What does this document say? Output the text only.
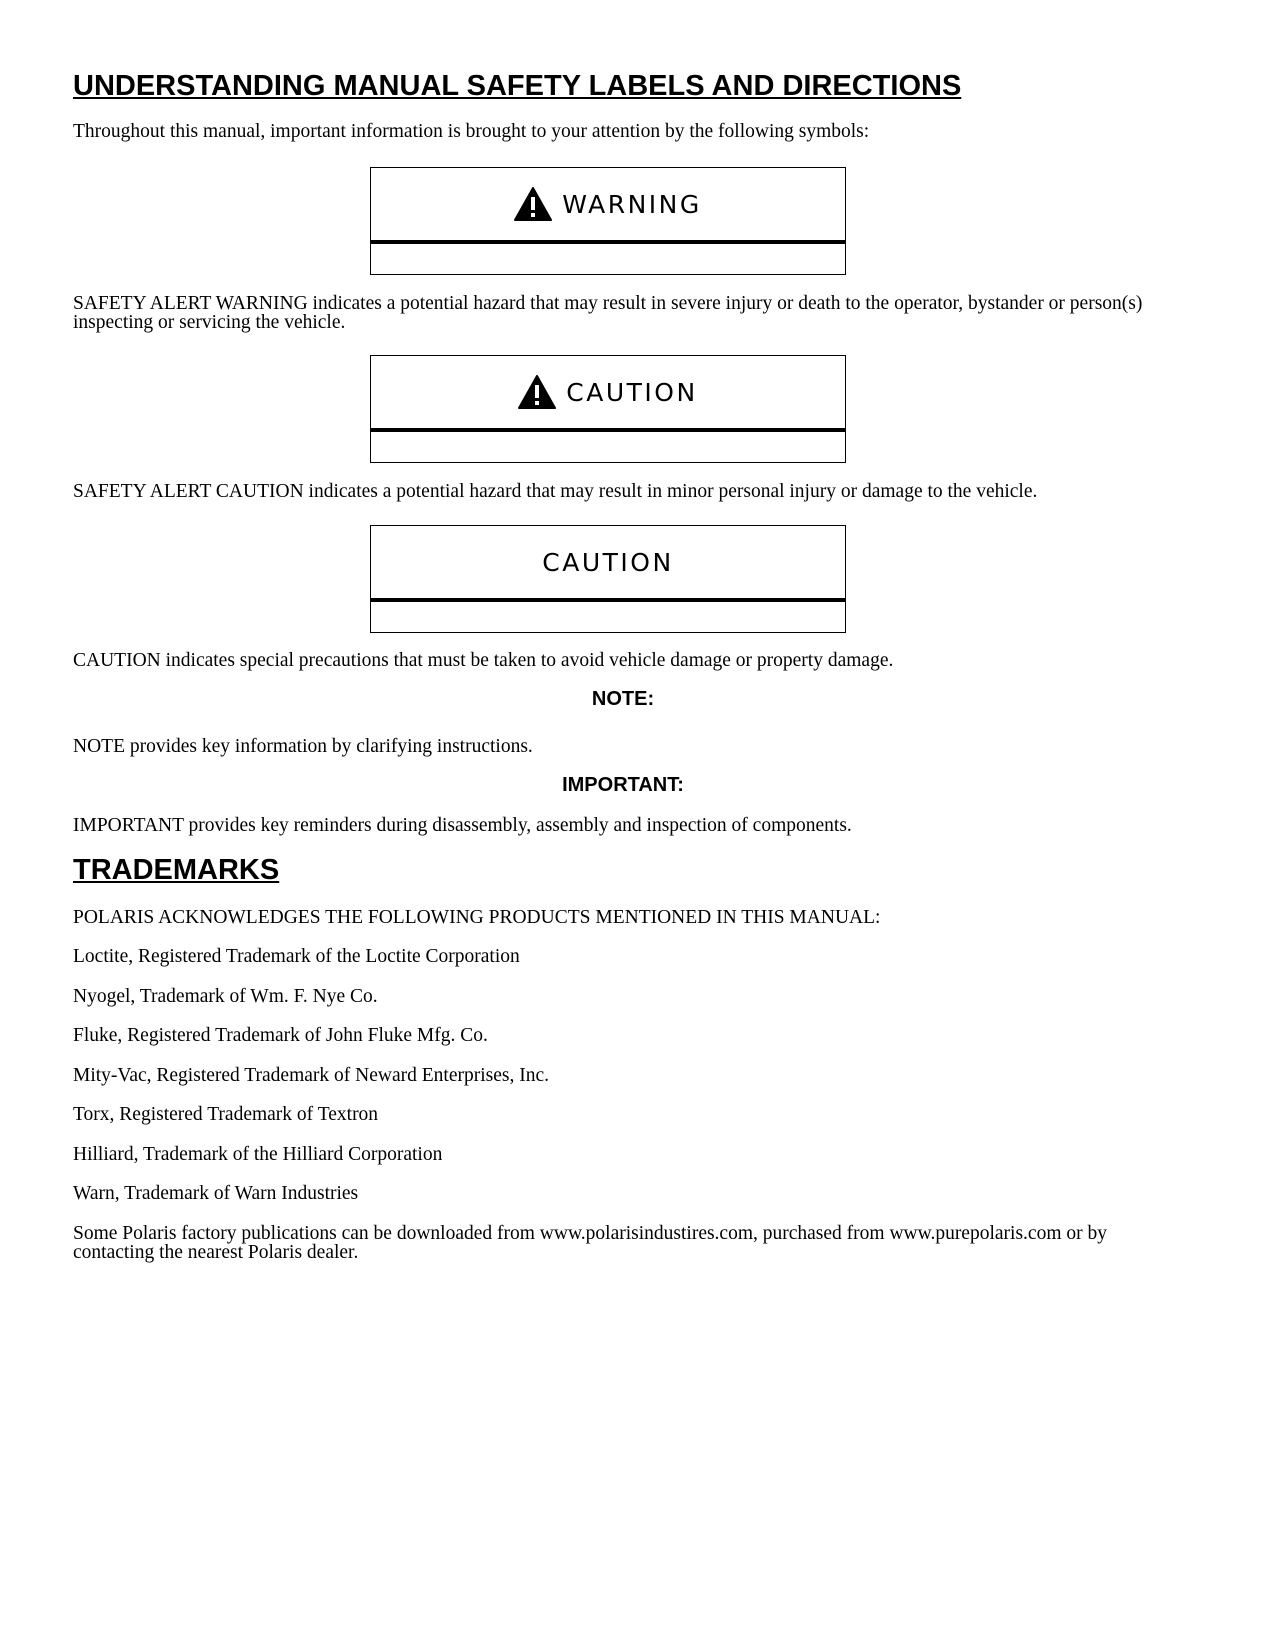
UNDERSTANDING MANUAL SAFETY LABELS AND DIRECTIONS

Throughout this manual, important information is brought to your attention by the following symbols:

WARNING

SAFETY ALERT WARNING indicates a potential hazard that may result in severe injury or death to the operator, bystander or person(s) inspecting or servicing the vehicle.

CAUTION

SAFETY ALERT CAUTION indicates a potential hazard that may result in minor personal injury or damage to the vehicle.

CAUTION

CAUTION indicates special precautions that must be taken to avoid vehicle damage or property damage.

NOTE:

NOTE provides key information by clarifying instructions.

IMPORTANT:

IMPORTANT provides key reminders during disassembly, assembly and inspection of components.

TRADEMARKS

POLARIS ACKNOWLEDGES THE FOLLOWING PRODUCTS MENTIONED IN THIS MANUAL:

Loctite, Registered Trademark of the Loctite Corporation

Nyogel, Trademark of Wm. F. Nye Co.

Fluke, Registered Trademark of John Fluke Mfg. Co.

Mity-Vac, Registered Trademark of Neward Enterprises, Inc.

Torx, Registered Trademark of Textron

Hilliard, Trademark of the Hilliard Corporation

Warn, Trademark of Warn Industries

Some Polaris factory publications can be downloaded from www.polarisindustires.com, purchased from www.purepolaris.com or by contacting the nearest Polaris dealer.
